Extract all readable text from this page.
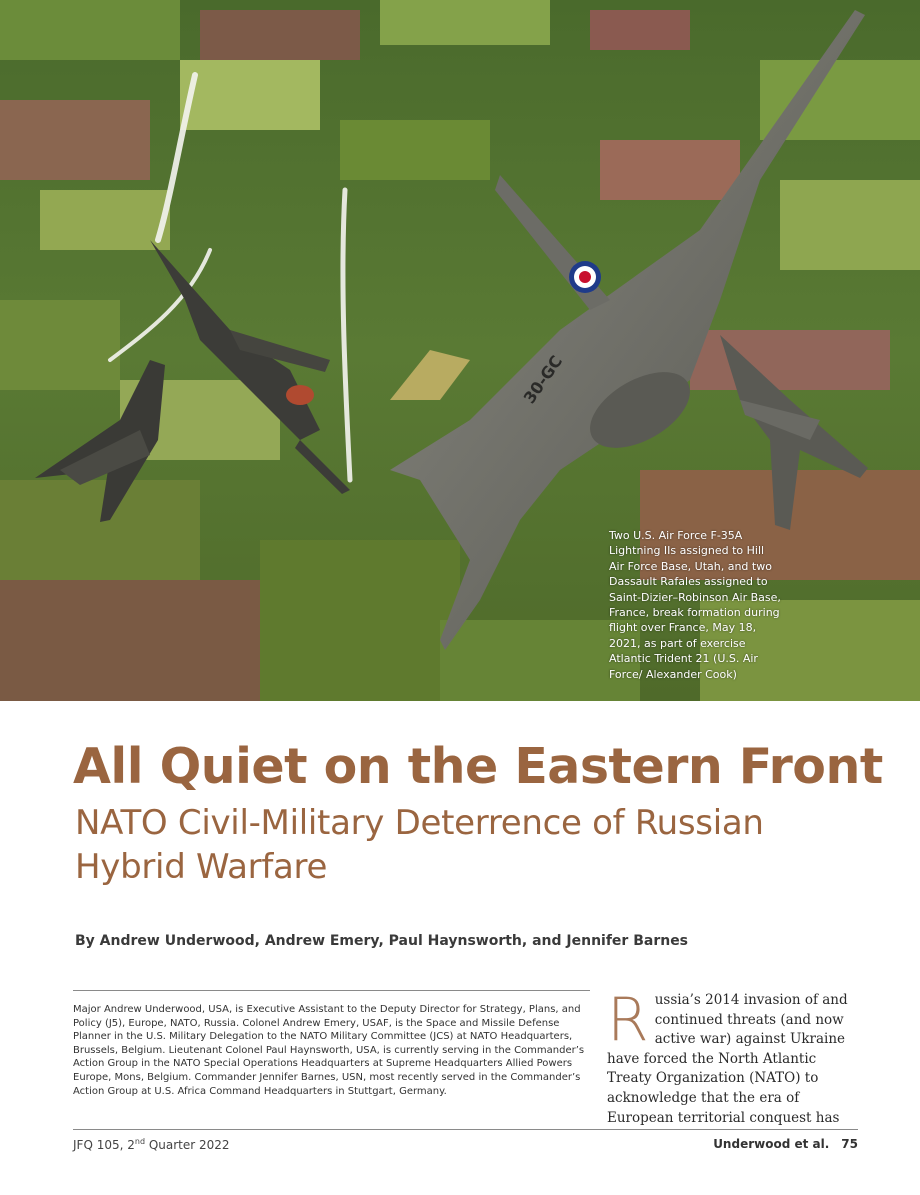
30-GC
Two U.S. Air Force F-35A Lightning IIs assigned to Hill Air Force Base, Utah, and two Dassault Rafales assigned to Saint-Dizier–Robinson Air Base, France, break formation during flight over France, May 18, 2021, as part of exercise Atlantic Trident 21 (U.S. Air Force/ Alexander Cook)
All Quiet on the Eastern Front
NATO Civil-Military Deterrence of Russian Hybrid Warfare
By Andrew Underwood, Andrew Emery, Paul Haynsworth, and Jennifer Barnes
Major Andrew Underwood, USA, is Executive Assistant to the Deputy Director for Strategy, Plans, and Policy (J5), Europe, NATO, Russia. Colonel Andrew Emery, USAF, is the Space and Missile Defense Planner in the U.S. Military Delegation to the NATO Military Committee (JCS) at NATO Headquarters, Brussels, Belgium. Lieutenant Colonel Paul Haynsworth, USA, is currently serving in the Commander’s Action Group in the NATO Special Operations Headquarters at Supreme Headquarters Allied Powers Europe, Mons, Belgium. Commander Jennifer Barnes, USN, most recently served in the Commander’s Action Group at U.S. Africa Command Headquarters in Stuttgart, Germany.
Russia’s 2014 invasion of and continued threats (and now active war) against Ukraine have forced the North Atlantic Treaty Organization (NATO) to acknowledge that the era of European territorial conquest has
JFQ 105, 2nd Quarter 2022	Underwood et al. 75
